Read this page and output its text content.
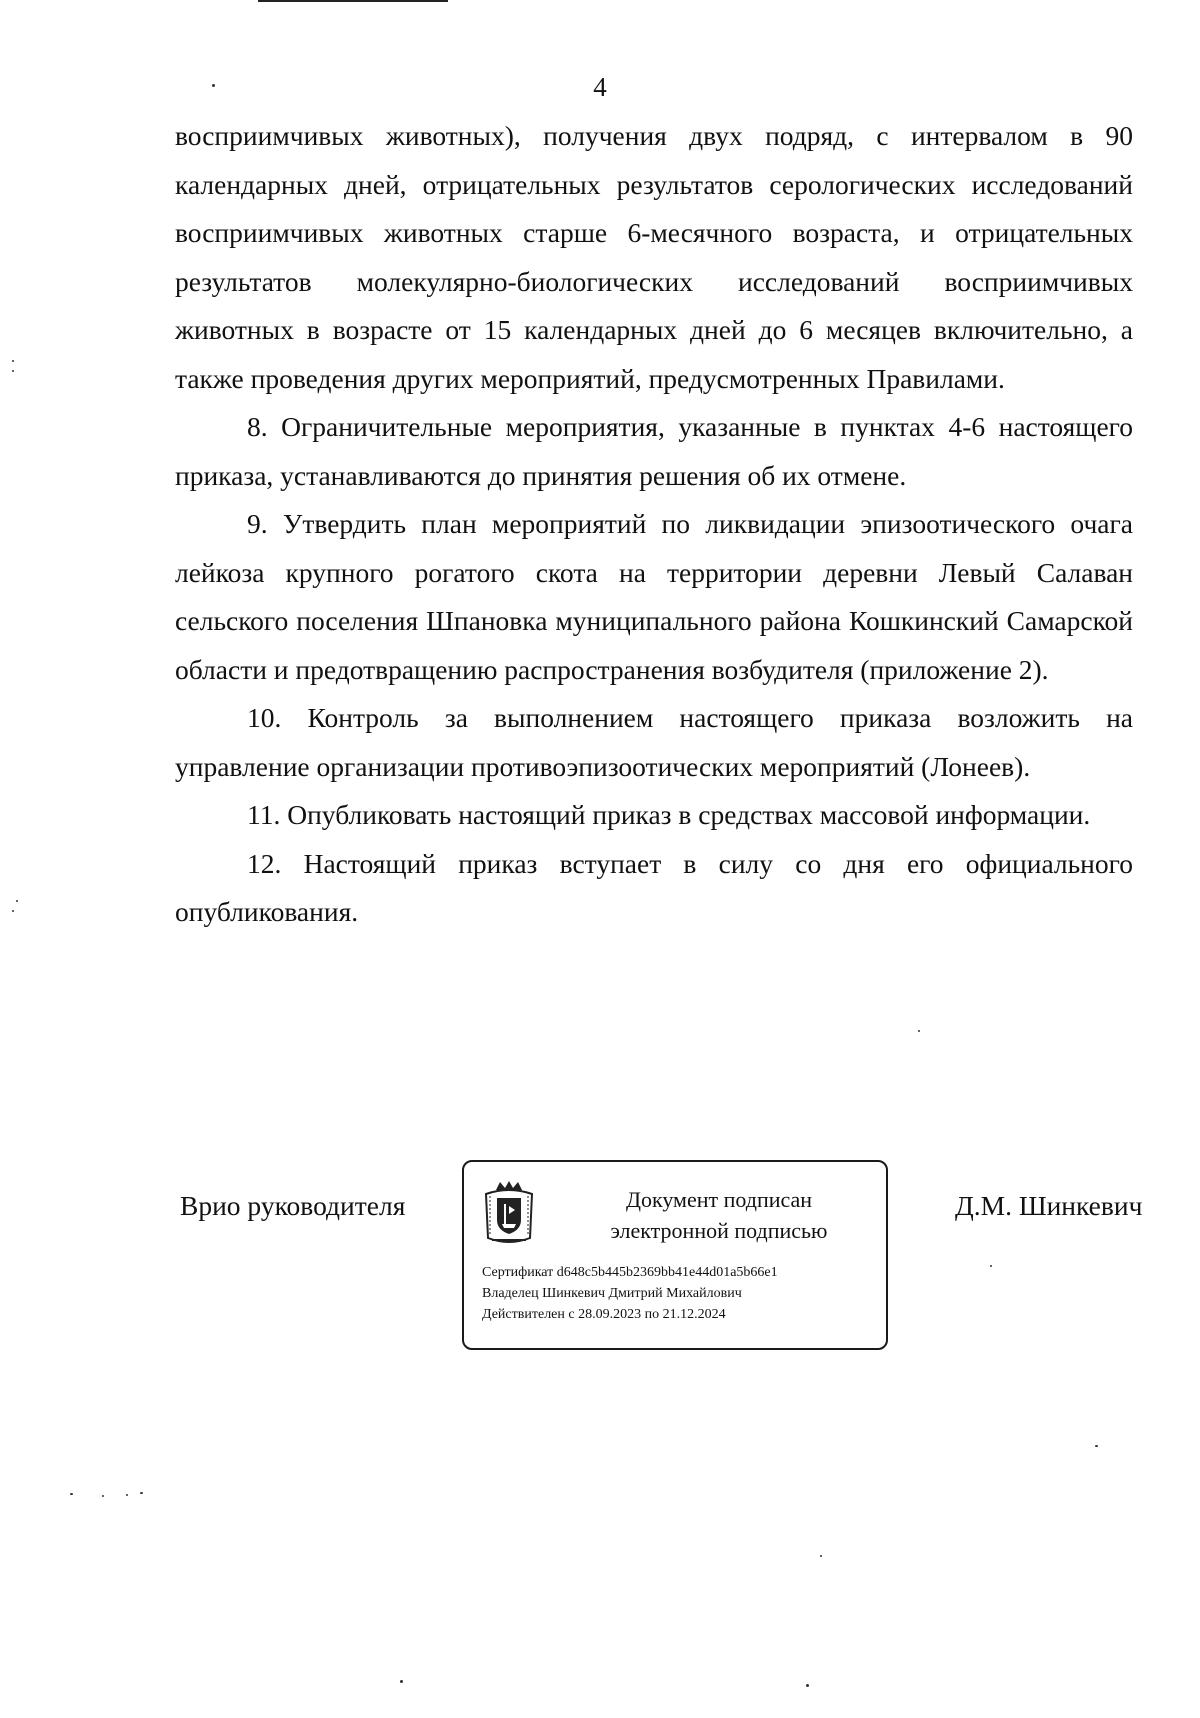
4

восприимчивых животных), получения двух подряд, с интервалом в 90 календарных дней, отрицательных результатов серологических исследований восприимчивых животных старше 6-месячного возраста, и отрицательных результатов молекулярно-биологических исследований восприимчивых животных в возрасте от 15 календарных дней до 6 месяцев включительно, а также проведения других мероприятий, предусмотренных Правилами.

8. Ограничительные мероприятия, указанные в пунктах 4-6 настоящего приказа, устанавливаются до принятия решения об их отмене.

9. Утвердить план мероприятий по ликвидации эпизоотического очага лейкоза крупного рогатого скота на территории деревни Левый Салаван сельского поселения Шпановка муниципального района Кошкинский Самарской области и предотвращению распространения возбудителя (приложение 2).

10. Контроль за выполнением настоящего приказа возложить на управление организации противоэпизоотических мероприятий (Лонеев).

11. Опубликовать настоящий приказ в средствах массовой информации.

12. Настоящий приказ вступает в силу со дня его официального опубликования.

Врио руководителя	Документ подписан
электронной подписью
Сертификат d648c5b445b2369bb41e44d01a5b66e1
Владелец Шинкевич Дмитрий Михайлович
Действителен с 28.09.2023 по 21.12.2024
Д.М. Шинкевич
